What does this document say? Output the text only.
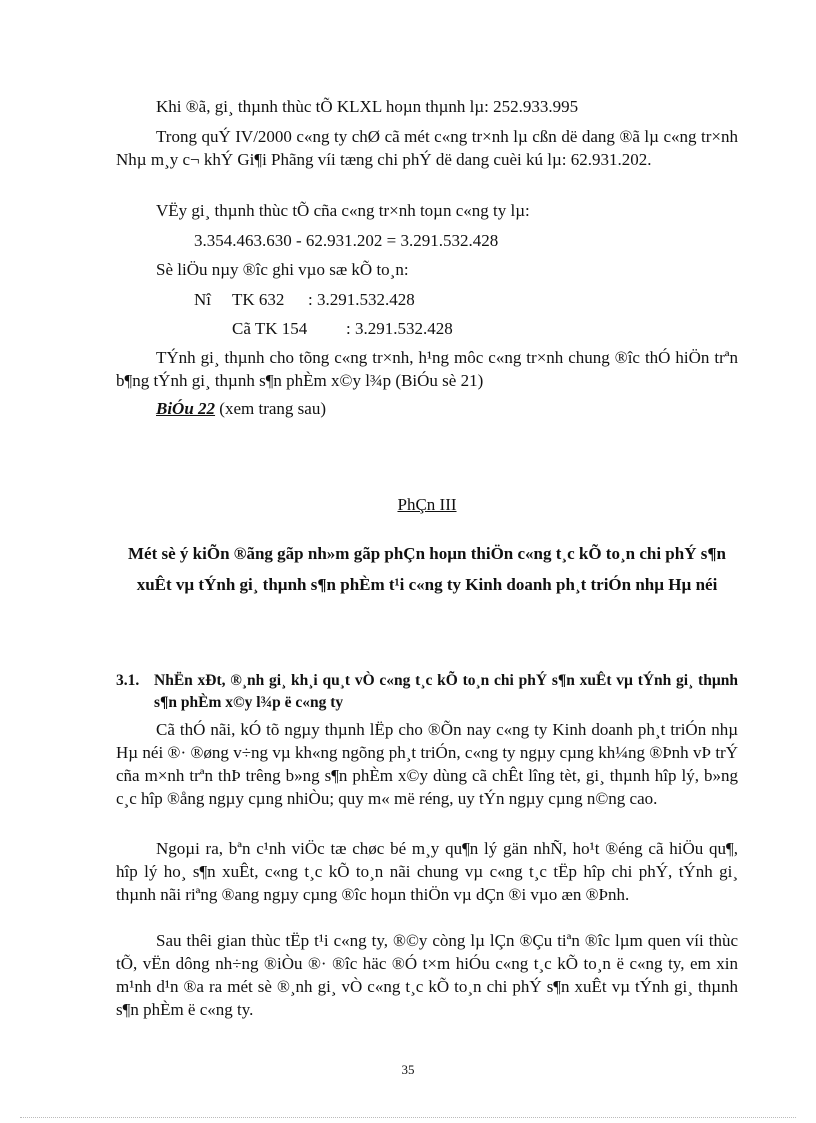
Khi ®ã, gi¸ thµnh thùc tÕ KLXL hoµn thµnh lµ: 252.933.995

Trong quÝ IV/2000 c«ng ty chØ cã mét c«ng tr×nh lµ cßn dë dang ®ã lµ c«ng tr×nh Nhµ m¸y c¬ khÝ Gi¶i Phãng víi tæng chi phÝ dë dang cuèi kú lµ: 62.931.202.

VËy gi¸ thµnh thùc tÕ cña c«ng tr×nh toµn c«ng ty lµ:

3.354.463.630 - 62.931.202 = 3.291.532.428

Sè liÖu nµy ®îc ghi vµo sæ kÕ to¸n:

Nî TK 632 : 3.291.532.428

Cã TK 154 : 3.291.532.428

TÝnh gi¸ thµnh cho tõng c«ng tr×nh, h¹ng môc c«ng tr×nh chung ®îc thÓ hiÖn trªn b¶ng tÝnh gi¸ thµnh s¶n phÈm x©y l¾p (BiÓu sè 21)

BiÓu 22 (xem trang sau)

PhÇn III

Mét sè ý kiÕn ®ãng gãp nh»m gãp phÇn hoµn thiÖn c«ng t¸c kÕ to¸n chi phÝ s¶n xuÊt vµ tÝnh gi¸ thµnh s¶n phÈm t¹i c«ng ty Kinh doanh ph¸t triÓn nhµ Hµ néi

3.1. NhËn xÐt, ®¸nh gi¸ kh¸i qu¸t vÒ c«ng t¸c kÕ to¸n chi phÝ s¶n xuÊt vµ tÝnh gi¸ thµnh s¶n phÈm x©y l¾p ë c«ng ty

Cã thÓ nãi, kÓ tõ ngµy thµnh lËp cho ®Õn nay c«ng ty Kinh doanh ph¸t triÓn nhµ Hµ néi ®· ®øng v÷ng vµ kh«ng ngõng ph¸t triÓn, c«ng ty ngµy cµng kh¼ng ®Þnh vÞ trÝ cña m×nh trªn thÞ trêng b»ng s¶n phÈm x©y dùng cã chÊt lîng tèt, gi¸ thµnh hîp lý, b»ng c¸c hîp ®ång ngµy cµng nhiÒu; quy m« më réng, uy tÝn ngµy cµng n©ng cao.

Ngoµi ra, bªn c¹nh viÖc tæ chøc bé m¸y qu¶n lý gän nhÑ, ho¹t ®éng cã hiÖu qu¶, hîp lý ho¸ s¶n xuÊt, c«ng t¸c kÕ to¸n nãi chung vµ c«ng t¸c tËp hîp chi phÝ, tÝnh gi¸ thµnh nãi riªng ®ang ngµy cµng ®îc hoµn thiÖn vµ dÇn ®i vµo æn ®Þnh.

Sau thêi gian thùc tËp t¹i c«ng ty, ®©y còng lµ lÇn ®Çu tiªn ®îc lµm quen víi thùc tÕ, vËn dông nh÷ng ®iÒu ®· ®îc häc ®Ó t×m hiÓu c«ng t¸c kÕ to¸n ë c«ng ty, em xin m¹nh d¹n ®a ra mét sè ®¸nh gi¸ vÒ c«ng t¸c kÕ to¸n chi phÝ s¶n xuÊt vµ tÝnh gi¸ thµnh s¶n phÈm ë c«ng ty.

35
